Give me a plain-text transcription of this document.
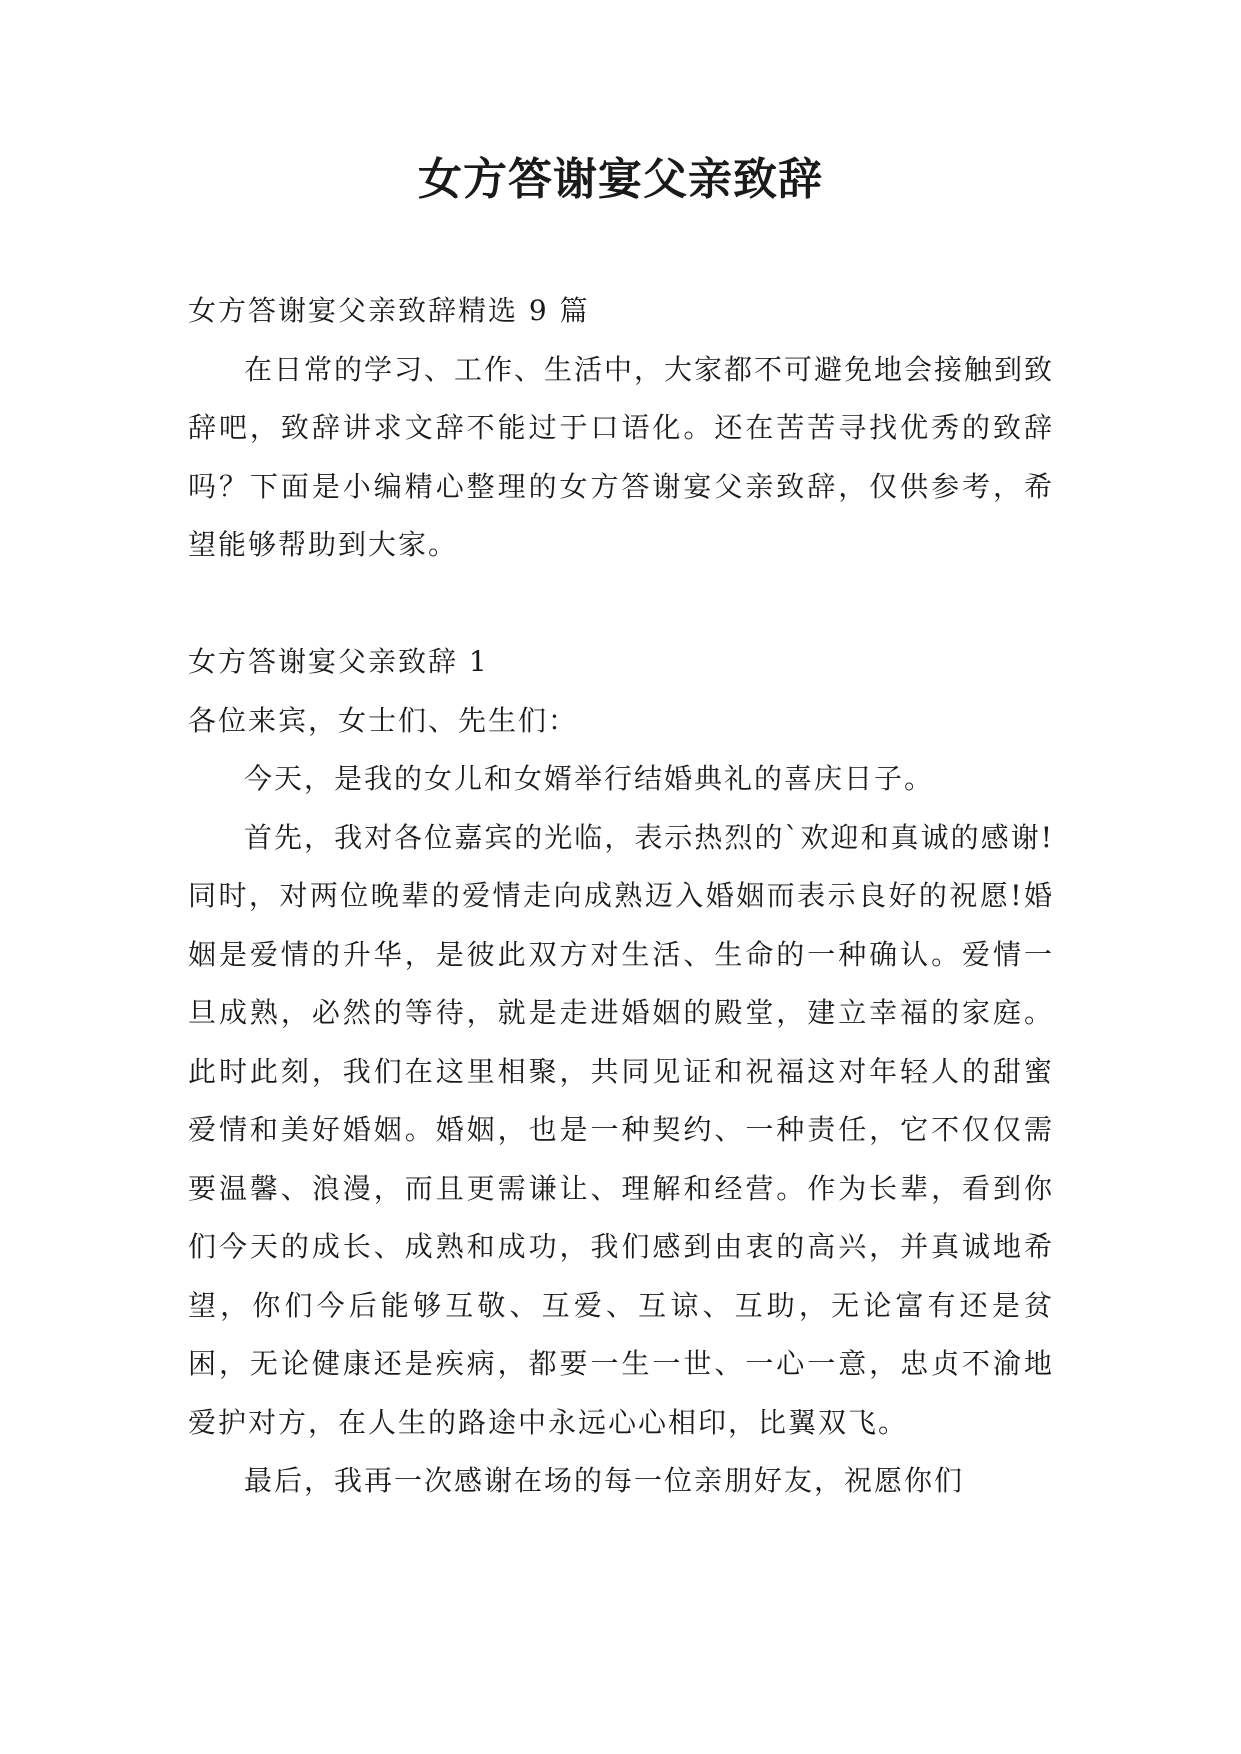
女方答谢宴父亲致辞

女方答谢宴父亲致辞精选 9 篇

在日常的学习、工作、生活中，大家都不可避免地会接触到致辞吧，致辞讲求文辞不能过于口语化。还在苦苦寻找优秀的致辞吗？下面是小编精心整理的女方答谢宴父亲致辞，仅供参考，希望能够帮助到大家。

女方答谢宴父亲致辞 1

各位来宾，女士们、先生们：

今天，是我的女儿和女婿举行结婚典礼的喜庆日子。

首先，我对各位嘉宾的光临，表示热烈的`欢迎和真诚的感谢!同时，对两位晚辈的爱情走向成熟迈入婚姻而表示良好的祝愿!婚姻是爱情的升华，是彼此双方对生活、生命的一种确认。爱情一旦成熟，必然的等待，就是走进婚姻的殿堂，建立幸福的家庭。此时此刻，我们在这里相聚，共同见证和祝福这对年轻人的甜蜜爱情和美好婚姻。婚姻，也是一种契约、一种责任，它不仅仅需要温馨、浪漫，而且更需谦让、理解和经营。作为长辈，看到你们今天的成长、成熟和成功，我们感到由衷的高兴，并真诚地希望，你们今后能够互敬、互爱、互谅、互助，无论富有还是贫困，无论健康还是疾病，都要一生一世、一心一意，忠贞不渝地爱护对方，在人生的路途中永远心心相印，比翼双飞。

最后，我再一次感谢在场的每一位亲朋好友，祝愿你们
